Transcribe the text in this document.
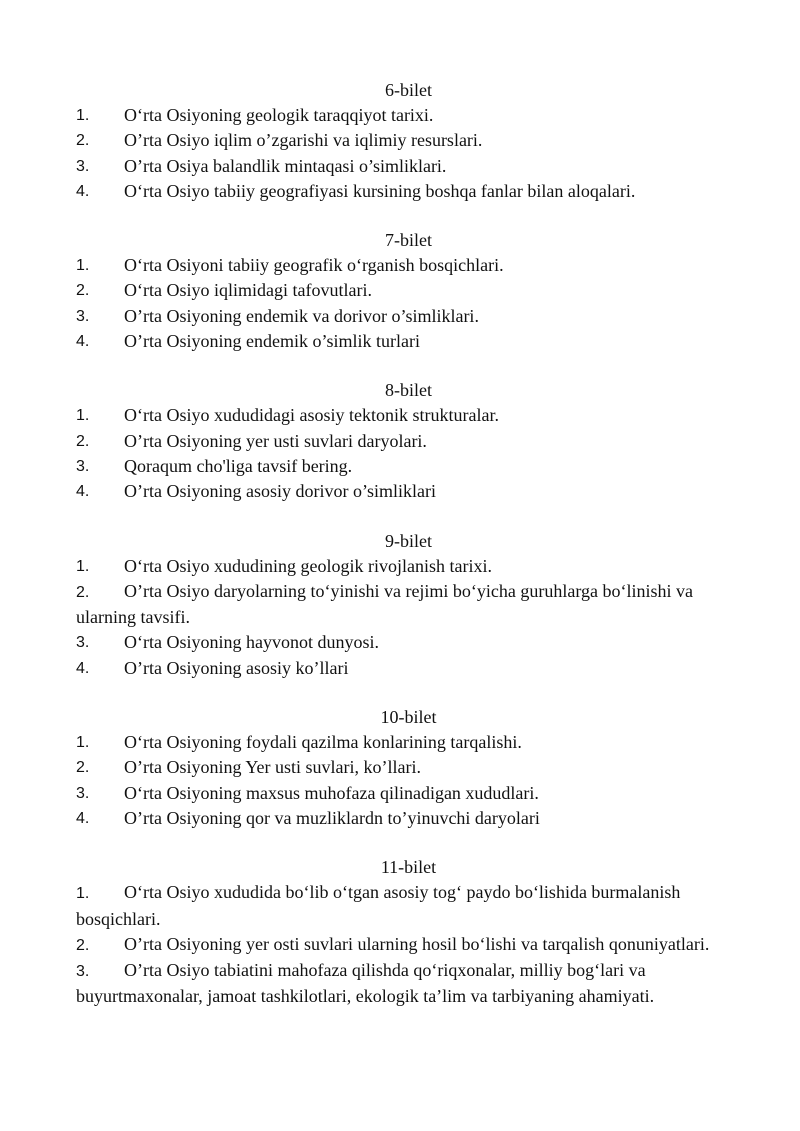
6-bilet
1. O‘rta Osiyoning geologik taraqqiyot tarixi.
2. O’rta Osiyo iqlim o’zgarishi va iqlimiy resurslari.
3. O’rta Osiya balandlik mintaqasi o’simliklari.
4. O‘rta Osiyo tabiiy geografiyasi kursining boshqa fanlar bilan aloqalari.
7-bilet
1. O‘rta Osiyoni tabiiy geografik o‘rganish bosqichlari.
2. O‘rta Osiyo iqlimidagi tafovutlari.
3. O’rta Osiyoning endemik va dorivor o’simliklari.
4. O’rta Osiyoning endemik o’simlik turlari
8-bilet
1. O‘rta Osiyo xududidagi asosiy tektonik strukturalar.
2. O’rta Osiyoning yer usti suvlari daryolari.
3. Qoraqum cho'liga tavsif bering.
4. O’rta Osiyoning asosiy dorivor o’simliklari
9-bilet
1. O‘rta Osiyo xududining geologik rivojlanish tarixi.
2. O’rta Osiyo daryolarning to‘yinishi va rejimi bo‘yicha guruhlarga bo‘linishi va ularning tavsifi.
3. O‘rta Osiyoning hayvonot dunyosi.
4. O’rta Osiyoning asosiy ko’llari
10-bilet
1. O‘rta Osiyoning foydali qazilma konlarining tarqalishi.
2. O’rta Osiyoning Yer usti suvlari, ko’llari.
3. O‘rta Osiyoning maxsus muhofaza qilinadigan xududlari.
4. O’rta Osiyoning qor va muzliklardn to’yinuvchi daryolari
11-bilet
1. O‘rta Osiyo xududida bo‘lib o‘tgan asosiy tog‘ paydo bo‘lishida burmalanish bosqichlari.
2. O’rta Osiyoning yer osti suvlari ularning hosil bo‘lishi va tarqalish qonuniyatlari.
3. O’rta Osiyo tabiatini mahofaza qilishda qo‘riqxonalar, milliy bog‘lari va buyurtmaxonalar, jamoat tashkilotlari, ekologik ta’lim va tarbiyaning ahamiyati.
